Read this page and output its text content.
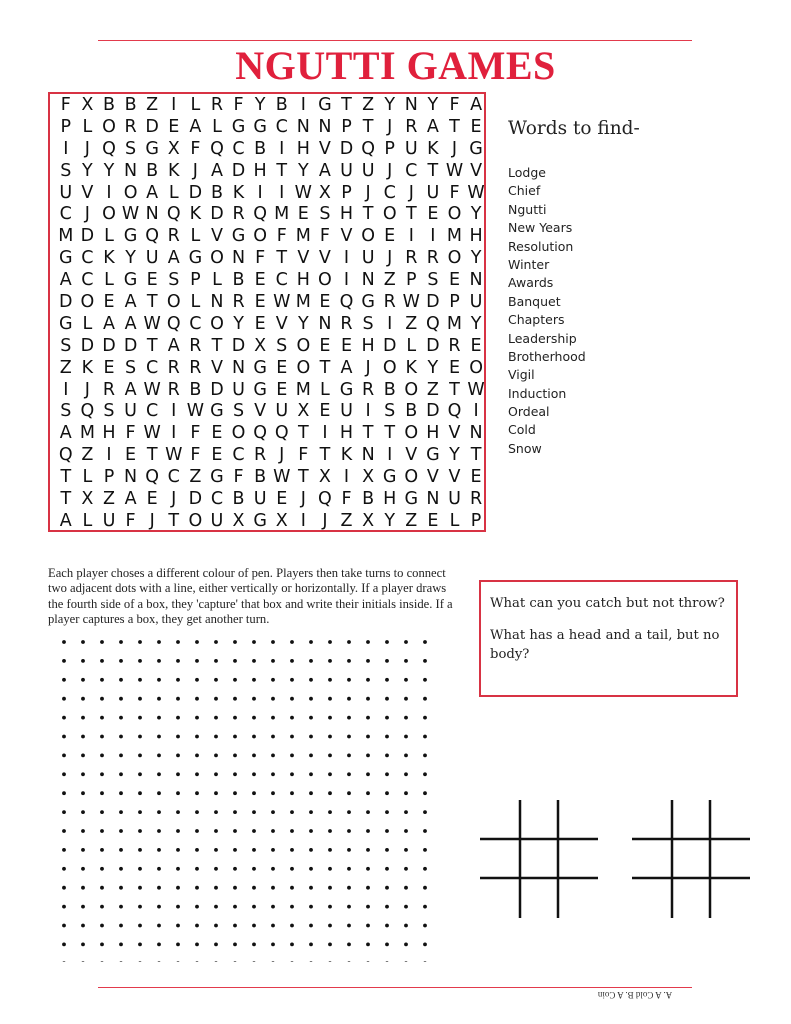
NGUTTI GAMES
F X B B Z I L R F Y B I G T Z Y N Y F A
P L O R D E A L G G C N N P T J R A T E
I J Q S G X F Q C B I H V D Q P U K J G
S Y Y N B K J A D H T Y A U U J C T W V
U V I O A L D B K I I W X P J C J U F W
C J O W N Q K D R Q M E S H T O T E O Y
M D L G Q R L V G O F M F V O E I I M H
G C K Y U A G O N F T V V I U J R R O Y
A C L G E S P L B E C H O I N Z P S E N
D O E A T O L N R E W M E Q G R W D P U
G L A A W Q C O Y E V Y N R S I Z Q M Y
S D D D T A R T D X S O E E H D L D R E
Z K E S C R R V N G E O T A J O K Y E O
I J R A W R B D U G E M L G R B O Z T W
S Q S U C I W G S V U X E U I S B D Q I
A M H F W I F E O Q Q T I H T T O H V N
Q Z I E T W F E C R J F T K N I V G Y T
T L P N Q C Z G F B W T X I X G O V V E
T X Z A E J D C B U E J Q F B H G N U R
A L U F J T O U X G X I J Z X Y Z E L P
Words to find-
Lodge
Chief
Ngutti
New Years
Resolution
Winter
Awards
Banquet
Chapters
Leadership
Brotherhood
Vigil
Induction
Ordeal
Cold
Snow

Each player choses a different colour of pen. Players then take turns to connect two adjacent dots with a line, either vertically or horizontally. If a player draws the fourth side of a box, they 'capture' that box and write their initials inside. If a player captures a box, they get another turn.

What can you catch but not throw?

What has a head and a tail, but no body?

A. A Cold B. A Coin
